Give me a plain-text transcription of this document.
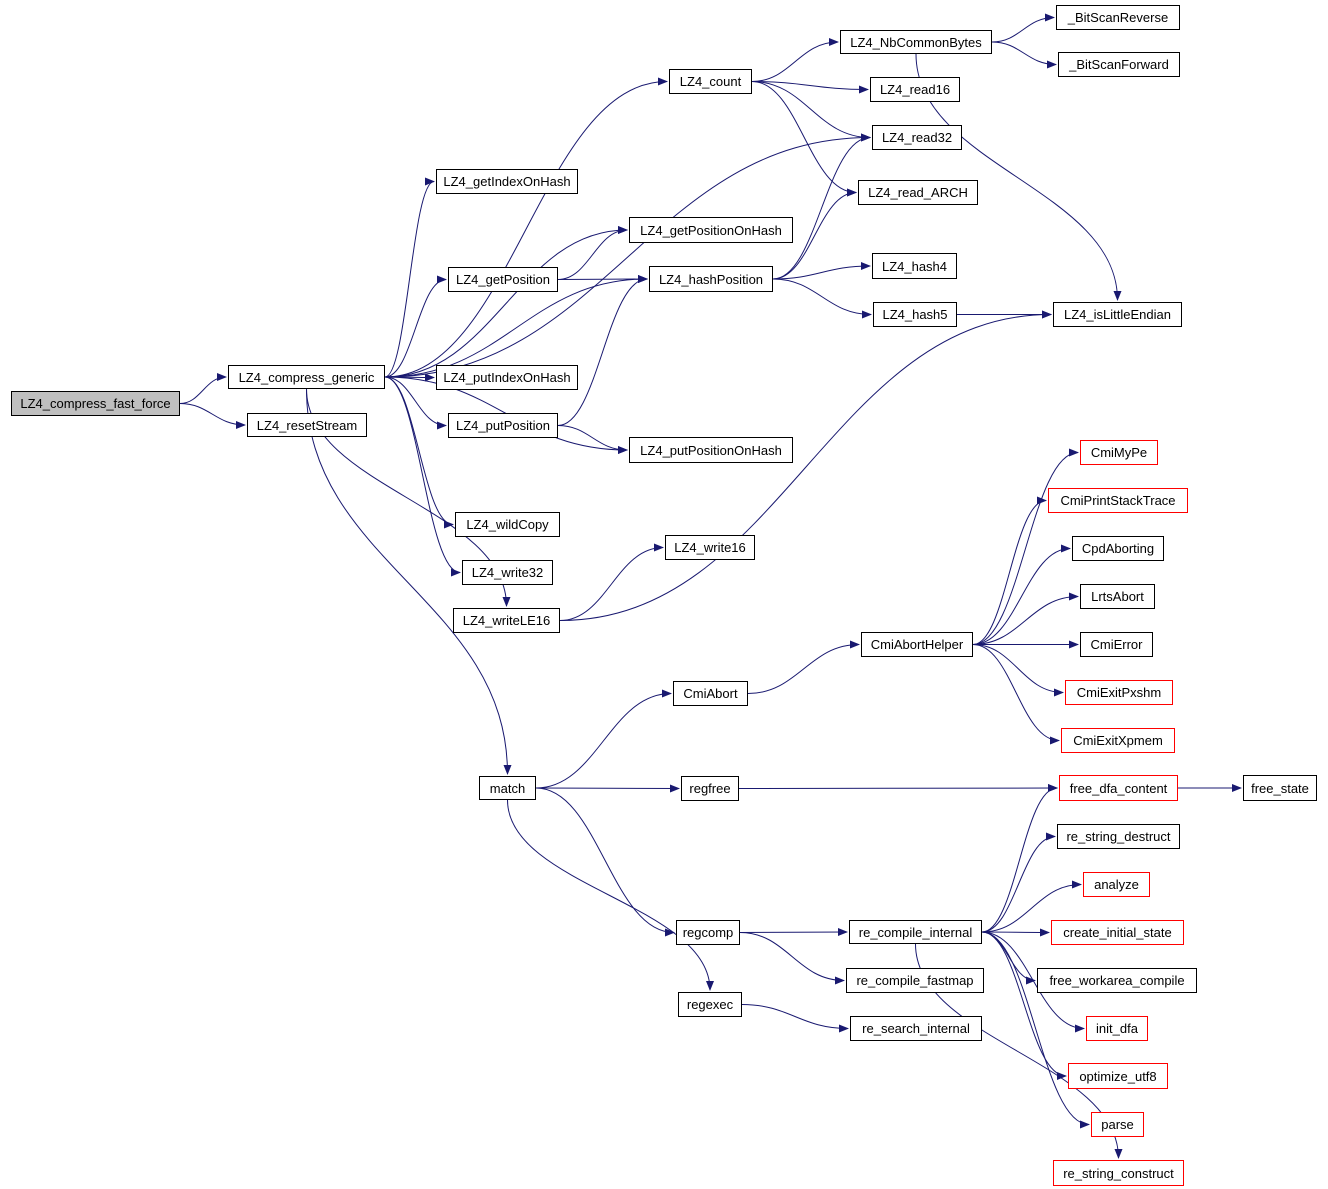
LZ4_compress_fast_force
LZ4_compress_generic
LZ4_resetStream
LZ4_count
LZ4_NbCommonBytes
_BitScanReverse
_BitScanForward
LZ4_read16
LZ4_read32
LZ4_read_ARCH
LZ4_getIndexOnHash
LZ4_getPositionOnHash
LZ4_getPosition	LZ4_hashPosition
LZ4_hash4
LZ4_hash5	LZ4_isLittleEndian
LZ4_putIndexOnHash
LZ4_putPosition
LZ4_putPositionOnHash
LZ4_wildCopy
LZ4_write32
LZ4_writeLE16
LZ4_write16
CmiAbort
CmiMyPe
CmiPrintStackTrace
CpdAborting
LrtsAbort
CmiAbortHelper	CmiError
CmiExitPxshm
CmiExitXpmem
match	regfree	free_dfa_content	free_state
re_string_destruct
analyze
regcomp	re_compile_internal	create_initial_state
re_compile_fastmap	free_workarea_compile
regexec
re_search_internal	init_dfa
optimize_utf8
parse
re_string_construct
